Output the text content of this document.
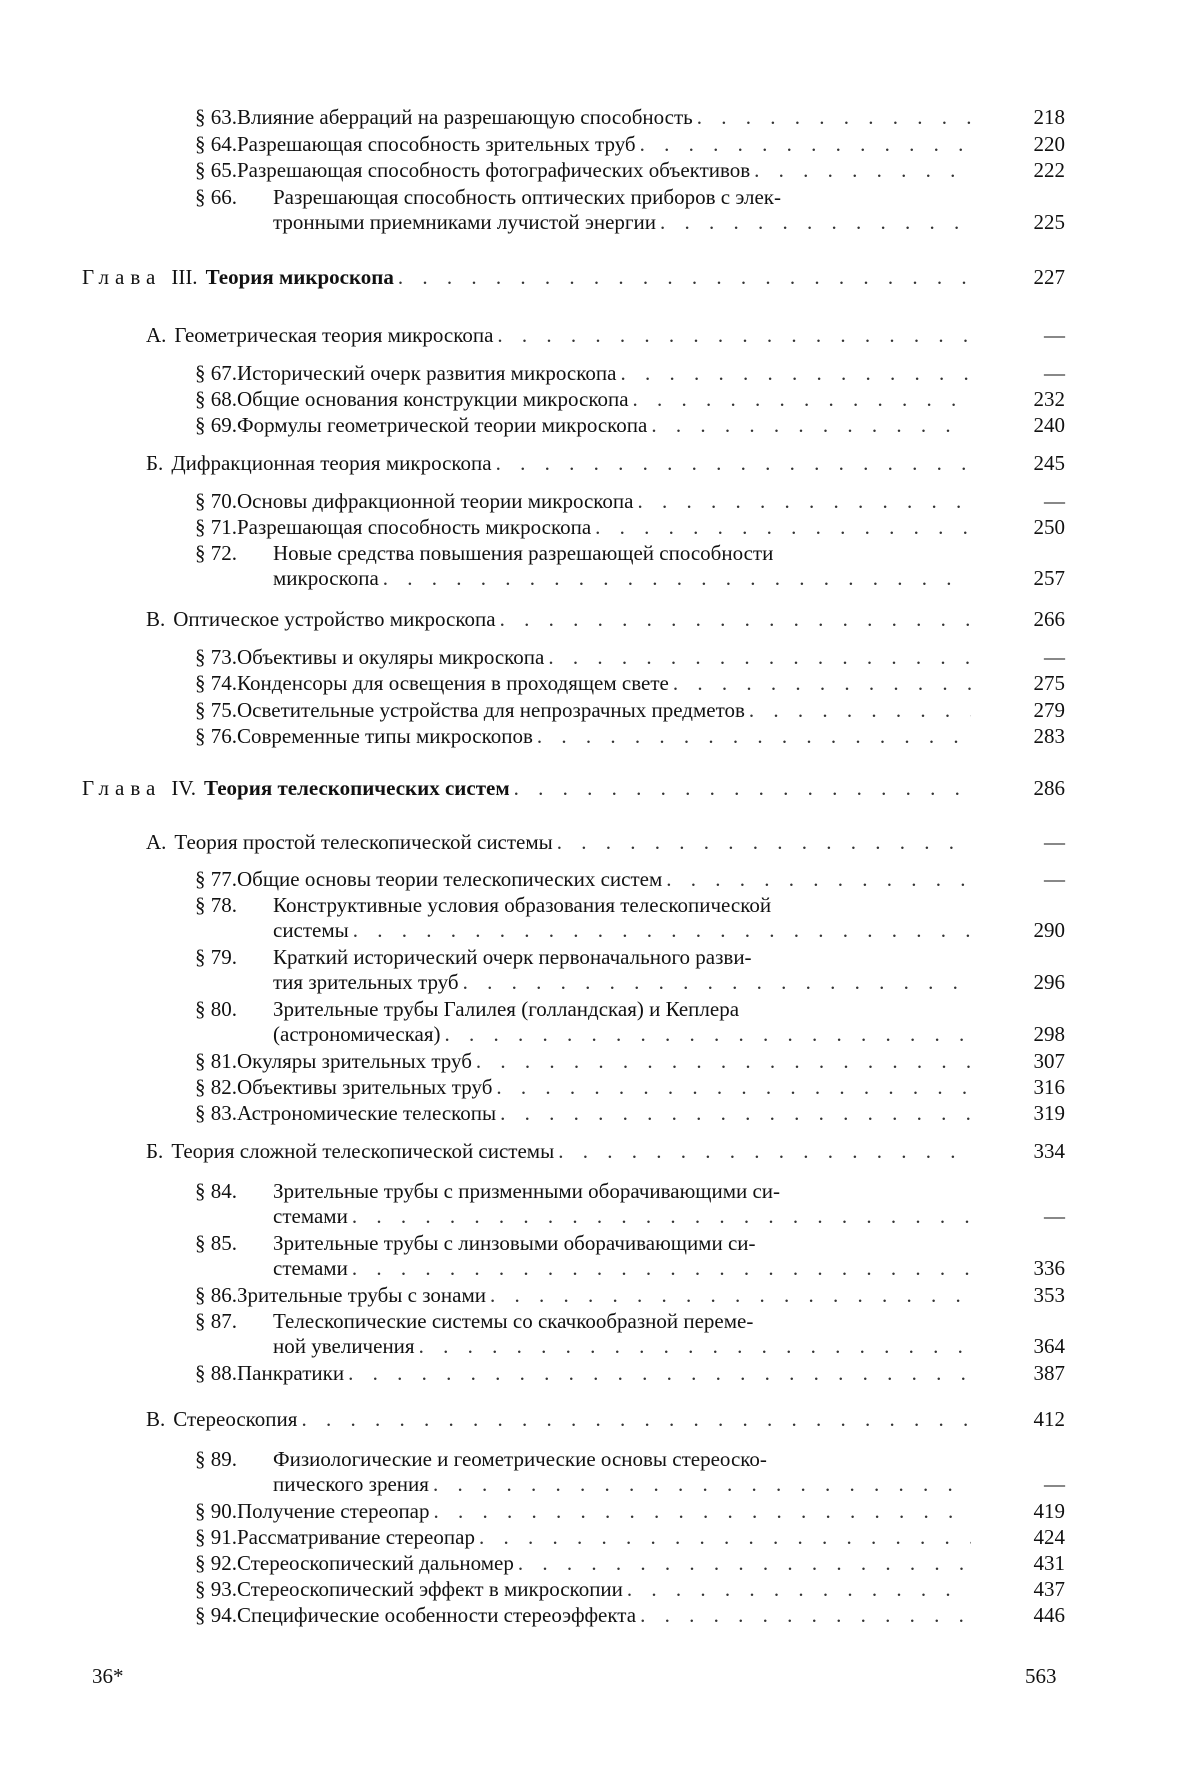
§ 63. Влияние аберраций на разрешающую способность . . .	218
§ 64. Разрешающая способность зрительных труб . . .	220
§ 65. Разрешающая способность фотографических объективов . . .	222
§ 66.	Разрешающая способность оптических приборов с элек-
тронными приемниками лучистой энергии . . .	225
Глава III. Теория микроскопа . . .	227
А. Геометрическая теория микроскопа . . .	—
§ 67. Исторический очерк развития микроскопа . . .	—
§ 68. Общие основания конструкции микроскопа . . .	232
§ 69. Формулы геометрической теории микроскопа . . .	240
Б. Дифракционная теория микроскопа . . .	245
§ 70. Основы дифракционной теории микроскопа . . .	—
§ 71. Разрешающая способность микроскопа . . .	250
§ 72.	Новые средства повышения разрешающей способности
микроскопа . . .	257
В. Оптическое устройство микроскопа . . .	266
§ 73. Объективы и окуляры микроскопа . . .	—
§ 74. Конденсоры для освещения в проходящем свете . . .	275
§ 75. Осветительные устройства для непрозрачных предметов . . .	279
§ 76. Современные типы микроскопов . . .	283
Глава IV. Теория телескопических систем . . .	286
А. Теория простой телескопической системы . . .	—
§ 77. Общие основы теории телескопических систем . . .	—
§ 78.	Конструктивные условия образования телескопической
системы . . .	290
§ 79.	Краткий исторический очерк первоначального разви-
тия зрительных труб . . .	296
§ 80.	Зрительные трубы Галилея (голландская) и Кеплера
(астрономическая) . . .	298
§ 81. Окуляры зрительных труб . . .	307
§ 82. Объективы зрительных труб . . .	316
§ 83. Астрономические телескопы . . .	319
Б. Теория сложной телескопической системы . . .	334
§ 84.	Зрительные трубы с призменными оборачивающими си-
стемами . . .	—
§ 85.	Зрительные трубы с линзовыми оборачивающими си-
стемами . . .	336
§ 86. Зрительные трубы с зонами . . .	353
§ 87.	Телескопические системы со скачкообразной переме-
ной увеличения . . .	364
§ 88. Панкратики . . .	387
В. Стереоскопия . . .	412
§ 89.	Физиологические и геометрические основы стереоско-
пического зрения . . .	—
§ 90. Получение стереопар . . .	419
§ 91. Рассматривание стереопар . . .	424
§ 92. Стереоскопический дальномер . . .	431
§ 93. Стереоскопический эффект в микроскопии . . .	437
§ 94. Специфические особенности стереоэффекта . . .	446
36*	563
